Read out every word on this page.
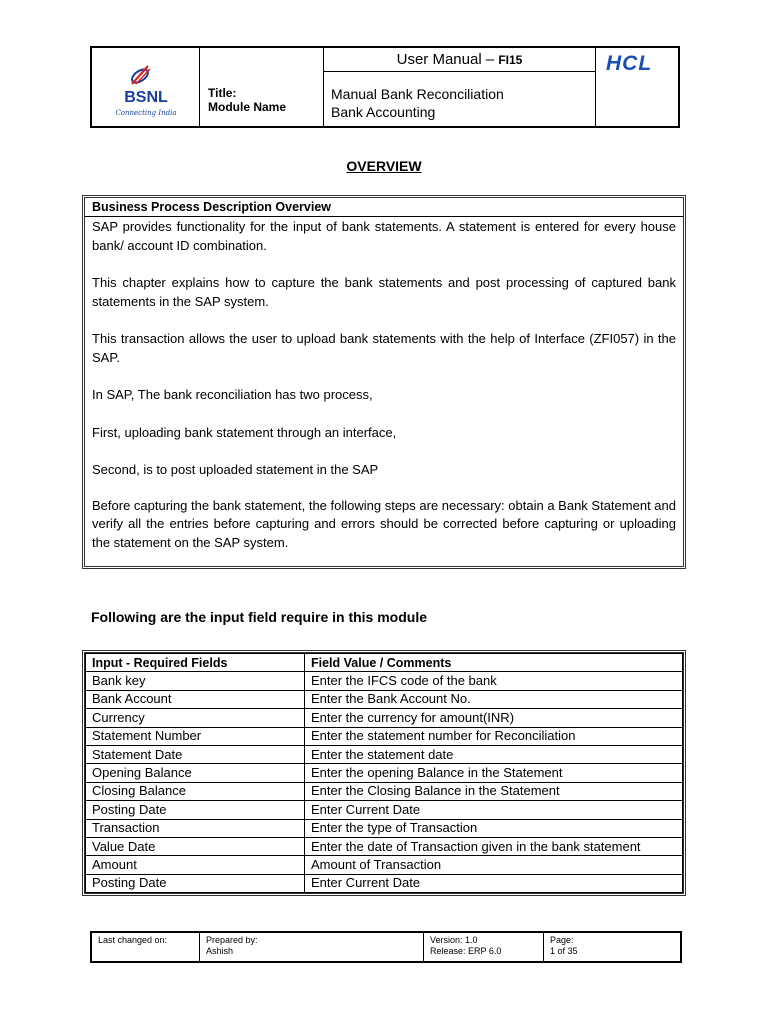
BSNL
Connecting India
Title:
Module Name
User Manual – FI15
Manual Bank Reconciliation
Bank Accounting
HCL
OVERVIEW
Business Process Description Overview

SAP provides functionality for the input of bank statements. A statement is entered for every house bank/ account ID combination.

This chapter explains how to capture the bank statements and post processing of captured bank statements in the SAP system.

This transaction allows the user to upload bank statements with the help of Interface (ZFI057) in the SAP.

In SAP, The bank reconciliation has two process,

First, uploading bank statement through an interface,

Second, is to post uploaded statement in the SAP

Before capturing the bank statement, the following steps are necessary: obtain a Bank Statement and verify all the entries before capturing and errors should be corrected before capturing or uploading the statement on the SAP system.

Following are the input field require in this module
Input - Required Fields	Field Value / Comments
Bank key	Enter the IFCS code of the bank
Bank Account	Enter the Bank Account No.
Currency	Enter the currency for amount(INR)
Statement Number	Enter the statement number for Reconciliation
Statement Date	Enter the statement date
Opening Balance	Enter the opening Balance in the Statement
Closing Balance	Enter the Closing Balance in the Statement
Posting Date	Enter Current Date
Transaction	Enter the type of Transaction
Value Date	Enter the date of Transaction given in the bank statement
Amount	Amount of Transaction
Posting Date	Enter Current Date
Last changed on:	Prepared by:
Ashish
Version: 1.0
Release: ERP 6.0
Page:
1 of 35
